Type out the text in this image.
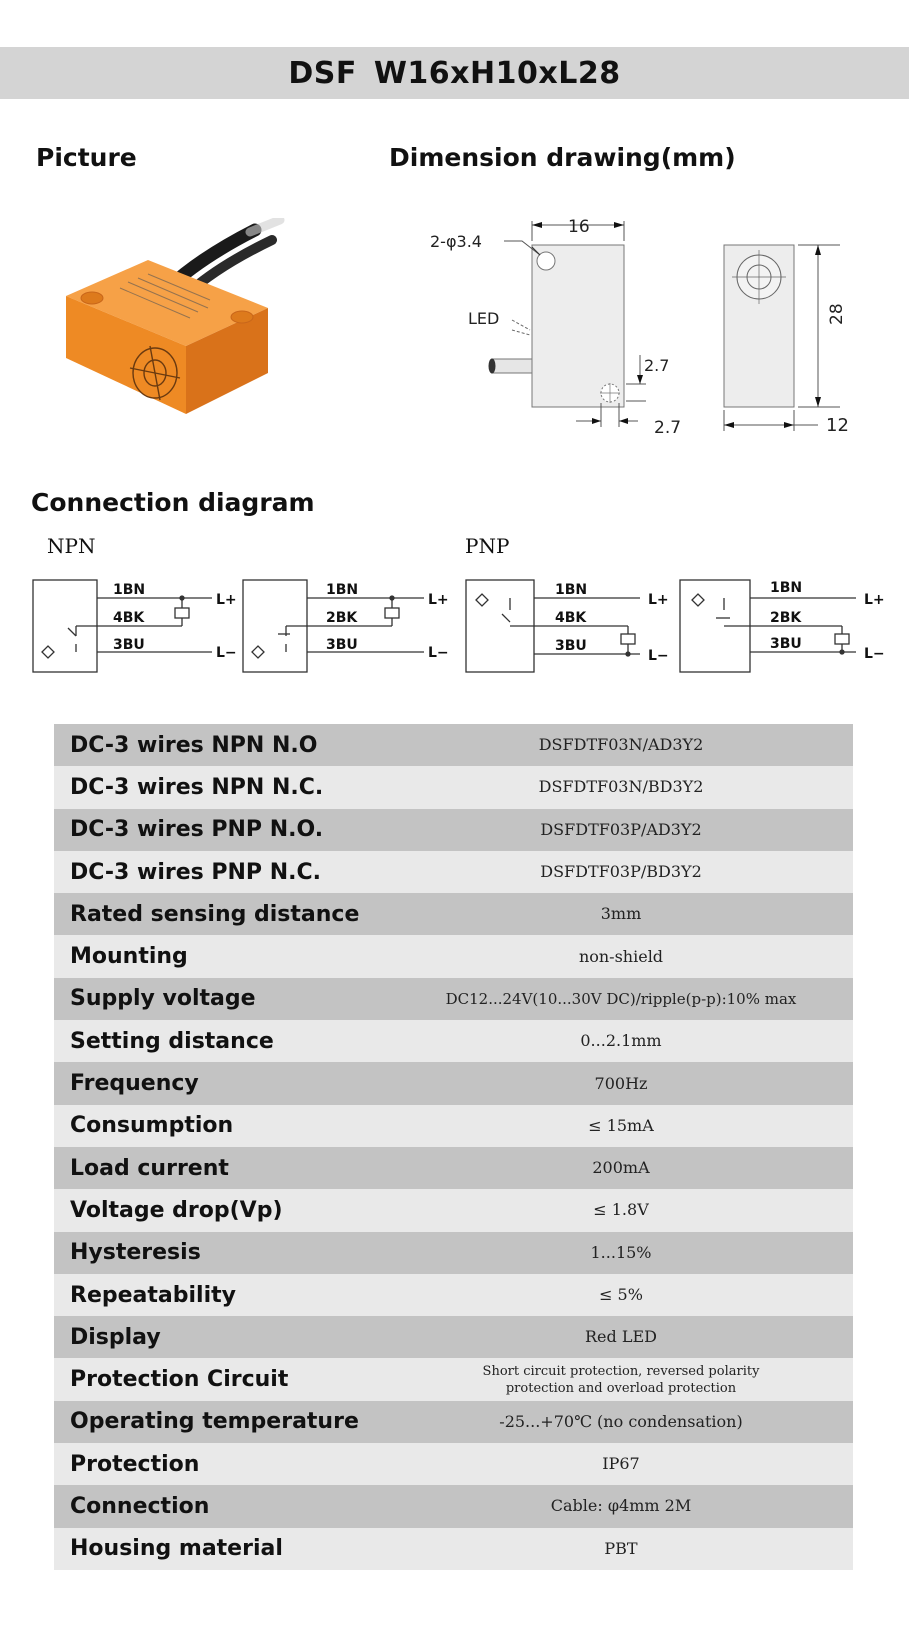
DSF W16xH10xL28
Picture	Dimension drawing(mm)
2-φ3.4
16
LED
2.7
2.7
28
12
Connection diagram
NPN	PNP
1BN
4BK
3BU
L+
L−
1BN
2BK
3BU
L+
L−
1BN
4BK
3BU
L+
L−
1BN
2BK
3BU
L+
L−
DC-3 wires NPN N.O	DSFDTF03N/AD3Y2
DC-3 wires NPN N.C.	DSFDTF03N/BD3Y2
DC-3 wires PNP N.O.	DSFDTF03P/AD3Y2
DC-3 wires PNP N.C.	DSFDTF03P/BD3Y2
Rated sensing distance	3mm
Mounting	non-shield
Supply voltage	DC12...24V(10...30V DC)/ripple(p-p):10% max
Setting distance	0...2.1mm
Frequency	700Hz
Consumption	≤ 15mA
Load current	200mA
Voltage drop(Vp)	≤ 1.8V
Hysteresis	1...15%
Repeatability	≤ 5%
Display	Red LED
Protection Circuit	Short circuit protection, reversed polarity
protection and overload protection
Operating temperature	-25...+70℃ (no condensation)
Protection	IP67
Connection	Cable: φ4mm 2M
Housing material	PBT
